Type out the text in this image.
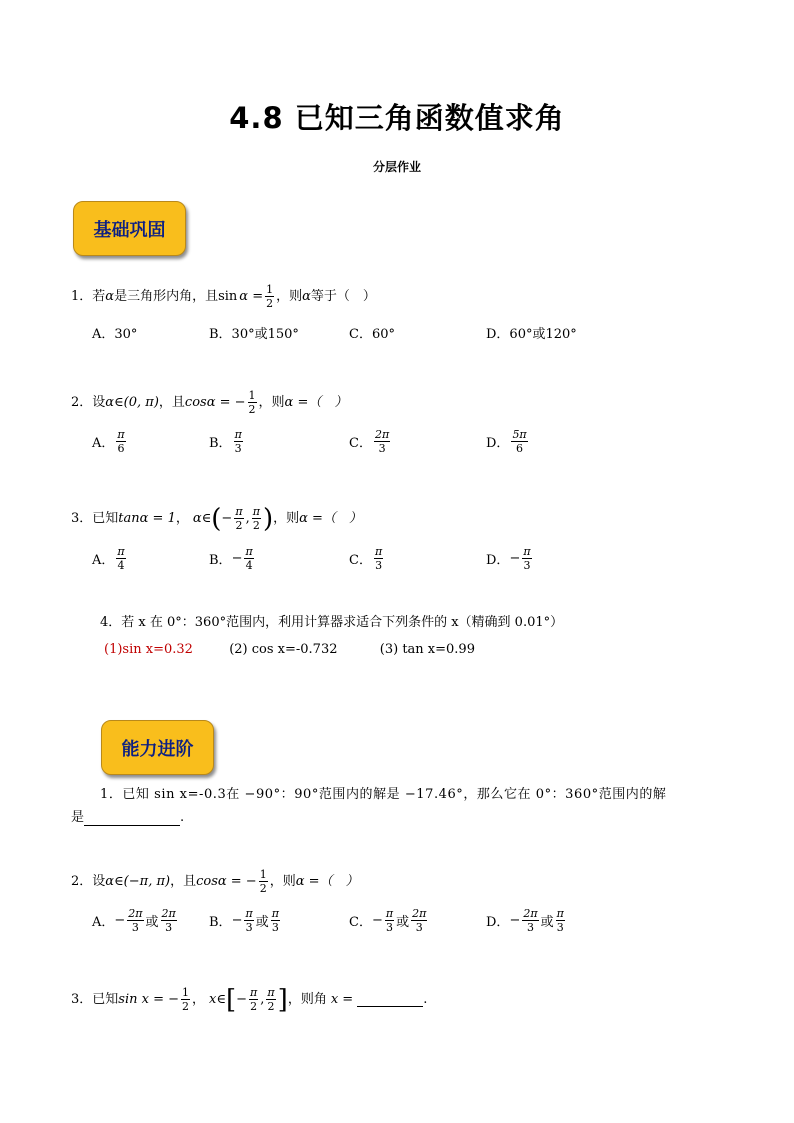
4.8 已知三角函数值求角
分层作业
基础巩固
1．若 α 是三角形内角，且 $\sin \alpha = \frac{1}{2}$ ，则 α 等于（　）
A．30°	B．30°或150°	C．60°	D．60°或120°
2．设 α∈(0, π) ，且 cosα = − $\frac{1}{2}$ ，则 α =（　）
A． $\frac{\pi}{6}$	B． $\frac{\pi}{3}$	C． $\frac{2\pi}{3}$	D． $\frac{5\pi}{6}$
3．已知 tanα = 1 ， α∈ ( − $\frac{\pi}{2}$ , $\frac{\pi}{2}$ ) ，则 α =（　）
A． $\frac{\pi}{4}$	B． − $\frac{\pi}{4}$	C． $\frac{\pi}{3}$	D． − $\frac{\pi}{3}$
4．若 x 在 0°：360°范围内，利用计算器求适合下列条件的 x（精确到 0.01°）
(1)sin x=0.32	(2) cos x=-0.732	(3) tan x=0.99
能力进阶
1．已知 sin x=-0.3在 −90°：90°范围内的解是 −17.46°，那么它在 0°：360°范围内的解
是	.
2．设 α∈(−π, π) ，且 cosα = − $\frac{1}{2}$ ，则 α =（　）
A． − $\frac{2\pi}{3}$ 或 $\frac{2\pi}{3}$ B． − $\frac{\pi}{3}$ 或 $\frac{\pi}{3}$	C． − $\frac{\pi}{3}$ 或 $\frac{2\pi}{3}$	D． − $\frac{2\pi}{3}$ 或 $\frac{\pi}{3}$
3．已知 sin x = − $\frac{1}{2}$ ， x∈ [ − $\frac{\pi}{2}$ , $\frac{\pi}{2}$ ] ，则角 x =	.
